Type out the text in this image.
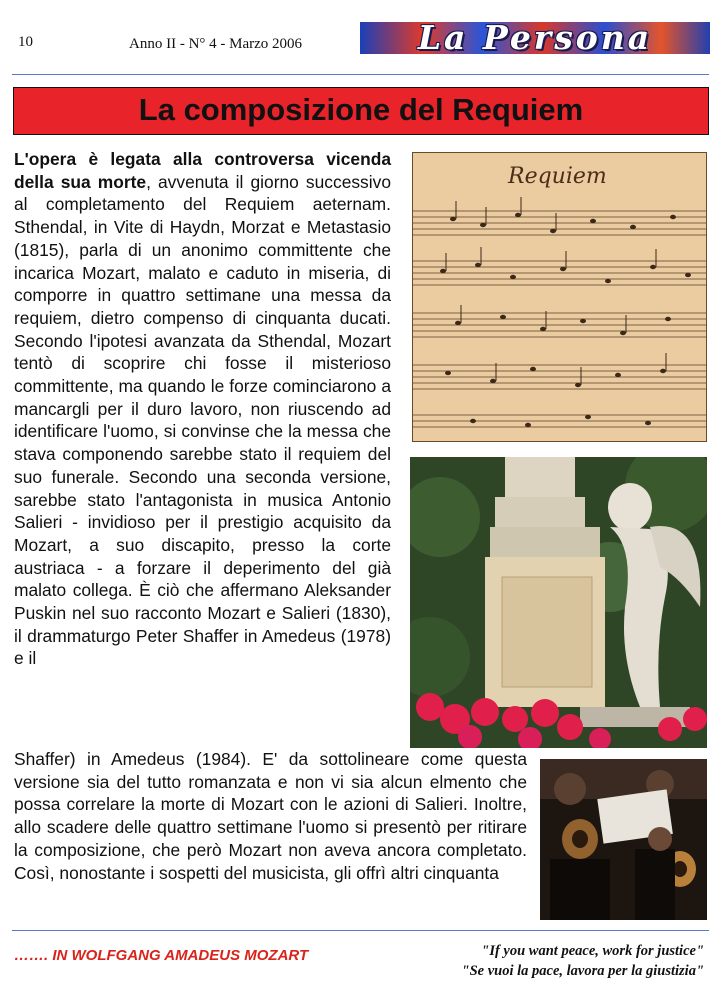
10	Anno II - N° 4 - Marzo 2006	La Persona
La composizione del Requiem
L'opera è legata alla controversa vicenda della sua morte, avvenuta il giorno successivo al completamento del Requiem aeternam. Sthendal, in Vite di Haydn, Morzat e Metastasio (1815), parla di un anonimo committente che incarica Mozart, malato e caduto in miseria, di comporre in quattro settimane una messa da requiem, dietro compenso di cinquanta ducati. Secondo l'ipotesi avanzata da Sthendal, Mozart tentò di scoprire chi fosse il misterioso committente, ma quando le forze cominciarono a mancargli per il duro lavoro, non riuscendo ad identificare l'uomo, si convinse che la messa che stava componendo sarebbe stato il requiem del suo funerale. Secondo una seconda versione, sarebbe stato l'antagonista in musica Antonio Salieri - invidioso per il prestigio acquisito da Mozart, a suo discapito, presso la corte austriaca - a forzare il deperimento del già malato collega. È ciò che affermano Aleksander Puskin nel suo racconto Mozart e Salieri (1830), il drammaturgo Peter Shaffer in Amedeus (1978) e il
Requiem
Shaffer) in Amedeus (1984). E' da sottolineare come questa versione sia del tutto romanzata e non vi sia alcun elmento che possa correlare la morte di Mozart con le azioni di Salieri. Inoltre, allo scadere delle quattro settimane l'uomo si presentò per ritirare la composizione, che però Mozart non aveva ancora completato. Così, nonostante i sospetti del musicista, gli offrì altri cinquanta
……. IN WOLFGANG AMADEUS MOZART	"If you want peace, work for justice"
"Se vuoi la pace, lavora per la giustizia"
